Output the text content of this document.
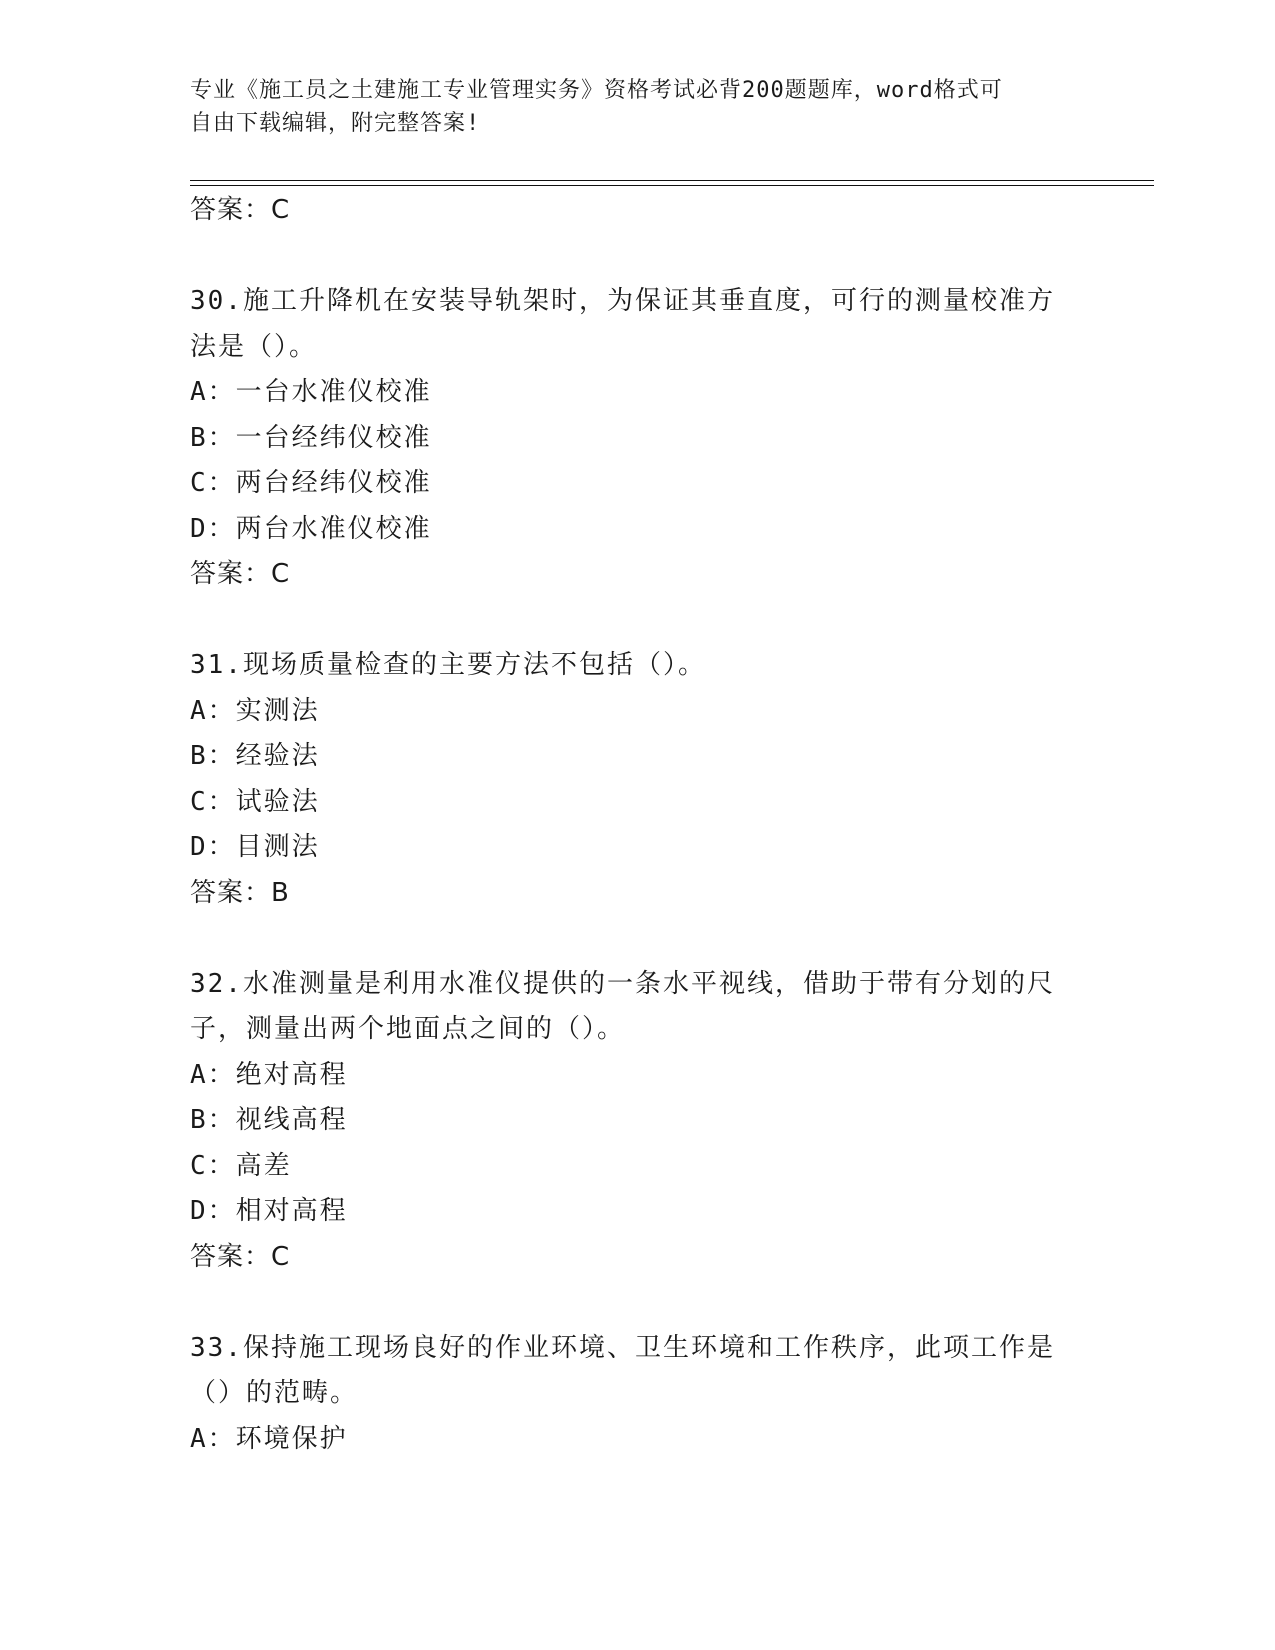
专业《施工员之土建施工专业管理实务》资格考试必背200题题库，word格式可
自由下载编辑，附完整答案!
答案：C
30.施工升降机在安装导轨架时，为保证其垂直度，可行的测量校准方
法是（）。
A：一台水准仪校准
B：一台经纬仪校准
C：两台经纬仪校准
D：两台水准仪校准
答案：C
31.现场质量检查的主要方法不包括（）。
A：实测法
B：经验法
C：试验法
D：目测法
答案：B
32.水准测量是利用水准仪提供的一条水平视线，借助于带有分划的尺
子，测量出两个地面点之间的（）。
A：绝对高程
B：视线高程
C：高差
D：相对高程
答案：C
33.保持施工现场良好的作业环境、卫生环境和工作秩序，此项工作是
（）的范畴。
A：环境保护
